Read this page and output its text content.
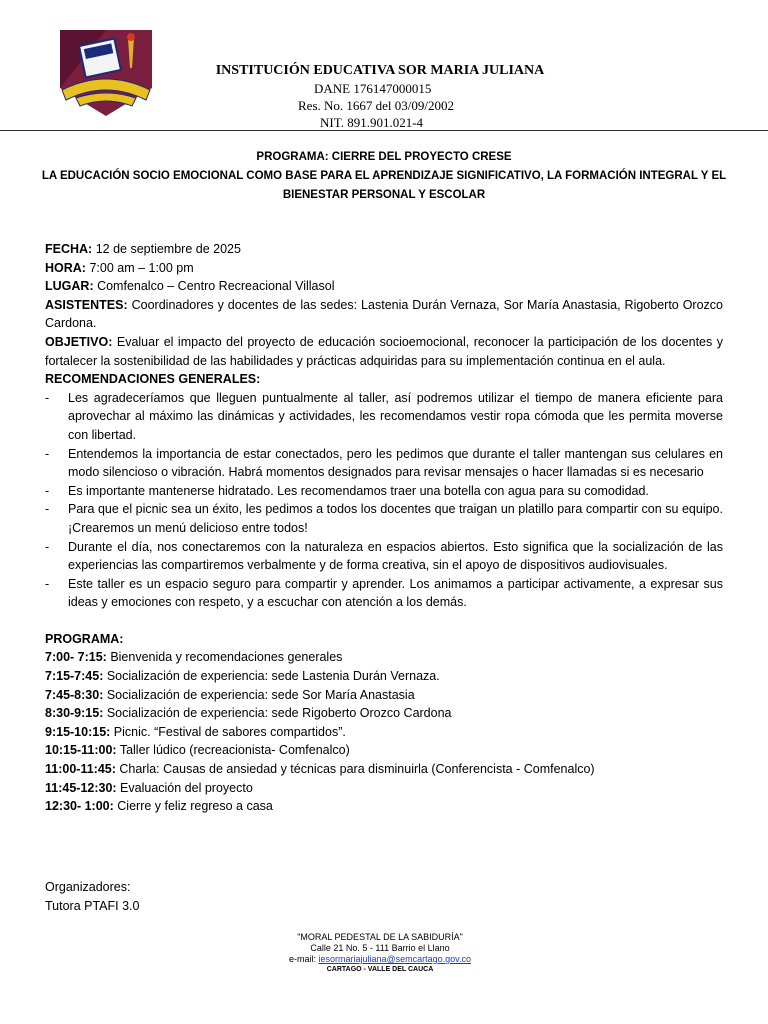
INSTITUCIÓN EDUCATIVA SOR MARIA JULIANA
DANE 176147000015
Res. No. 1667 del 03/09/2002
NIT. 891.901.021-4
PROGRAMA: CIERRE DEL PROYECTO CRESE
LA EDUCACIÓN SOCIO EMOCIONAL COMO BASE PARA EL APRENDIZAJE SIGNIFICATIVO, LA FORMACIÓN INTEGRAL Y EL BIENESTAR PERSONAL Y ESCOLAR

FECHA: 12 de septiembre de 2025

HORA: 7:00 am – 1:00 pm

LUGAR: Comfenalco – Centro Recreacional Villasol

ASISTENTES: Coordinadores y docentes de las sedes: Lastenia Durán Vernaza, Sor María Anastasia, Rigoberto Orozco Cardona.

OBJETIVO: Evaluar el impacto del proyecto de educación socioemocional, reconocer la participación de los docentes y fortalecer la sostenibilidad de las habilidades y prácticas adquiridas para su implementación continua en el aula.

RECOMENDACIONES GENERALES:

- Les agradeceríamos que lleguen puntualmente al taller, así podremos utilizar el tiempo de manera eficiente para aprovechar al máximo las dinámicas y actividades, les recomendamos vestir ropa cómoda que les permita moverse con libertad.
- Entendemos la importancia de estar conectados, pero les pedimos que durante el taller mantengan sus celulares en modo silencioso o vibración. Habrá momentos designados para revisar mensajes o hacer llamadas si es necesario
- Es importante mantenerse hidratado. Les recomendamos traer una botella con agua para su comodidad.
- Para que el picnic sea un éxito, les pedimos a todos los docentes que traigan un platillo para compartir con su equipo. ¡Crearemos un menú delicioso entre todos!
- Durante el día, nos conectaremos con la naturaleza en espacios abiertos. Esto significa que la socialización de las experiencias las compartiremos verbalmente y de forma creativa, sin el apoyo de dispositivos audiovisuales.
- Este taller es un espacio seguro para compartir y aprender. Los animamos a participar activamente, a expresar sus ideas y emociones con respeto, y a escuchar con atención a los demás.

PROGRAMA:

7:00- 7:15: Bienvenida y recomendaciones generales

7:15-7:45: Socialización de experiencia: sede Lastenia Durán Vernaza.

7:45-8:30: Socialización de experiencia: sede Sor María Anastasia

8:30-9:15: Socialización de experiencia: sede Rigoberto Orozco Cardona

9:15-10:15: Picnic. “Festival de sabores compartidos”.

10:15-11:00: Taller lúdico (recreacionista- Comfenalco)

11:00-11:45: Charla: Causas de ansiedad y técnicas para disminuirla (Conferencista - Comfenalco)

11:45-12:30: Evaluación del proyecto

12:30- 1:00: Cierre y feliz regreso a casa

Organizadores:
Tutora PTAFI 3.0
"MORAL PEDESTAL DE LA SABIDURÍA"
Calle 21 No. 5 - 111 Barrio el Llano
e-mail: iesormariajuliana@semcartago.gov.co
CARTAGO - VALLE DEL CAUCA
